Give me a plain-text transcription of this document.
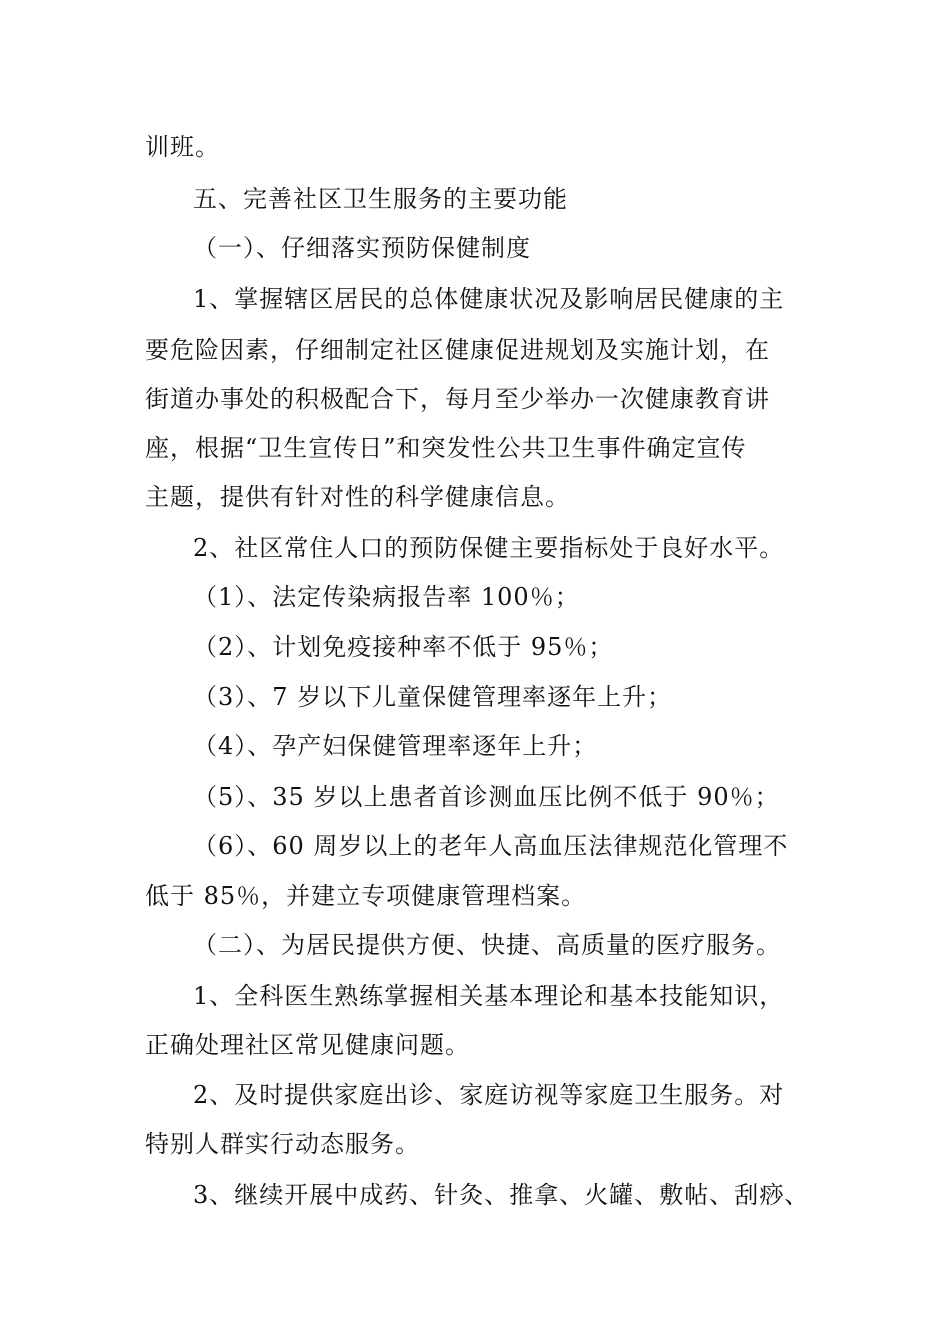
训班。
五、完善社区卫生服务的主要功能
（一）、仔细落实预防保健制度
1、掌握辖区居民的总体健康状况及影响居民健康的主
要危险因素，仔细制定社区健康促进规划及实施计划，在
街道办事处的积极配合下，每月至少举办一次健康教育讲
座，根据“卫生宣传日”和突发性公共卫生事件确定宣传
主题，提供有针对性的科学健康信息。
2、社区常住人口的预防保健主要指标处于良好水平。
（1）、法定传染病报告率 100％；
（2）、计划免疫接种率不低于 95％；
（3）、7 岁以下儿童保健管理率逐年上升；
（4）、孕产妇保健管理率逐年上升；
（5）、35 岁以上患者首诊测血压比例不低于 90％；
（6）、60 周岁以上的老年人高血压法律规范化管理不
低于 85％，并建立专项健康管理档案。
（二）、为居民提供方便、快捷、高质量的医疗服务。
1、全科医生熟练掌握相关基本理论和基本技能知识，
正确处理社区常见健康问题。
2、及时提供家庭出诊、家庭访视等家庭卫生服务。对
特别人群实行动态服务。
3、继续开展中成药、针灸、推拿、火罐、敷帖、刮痧、
